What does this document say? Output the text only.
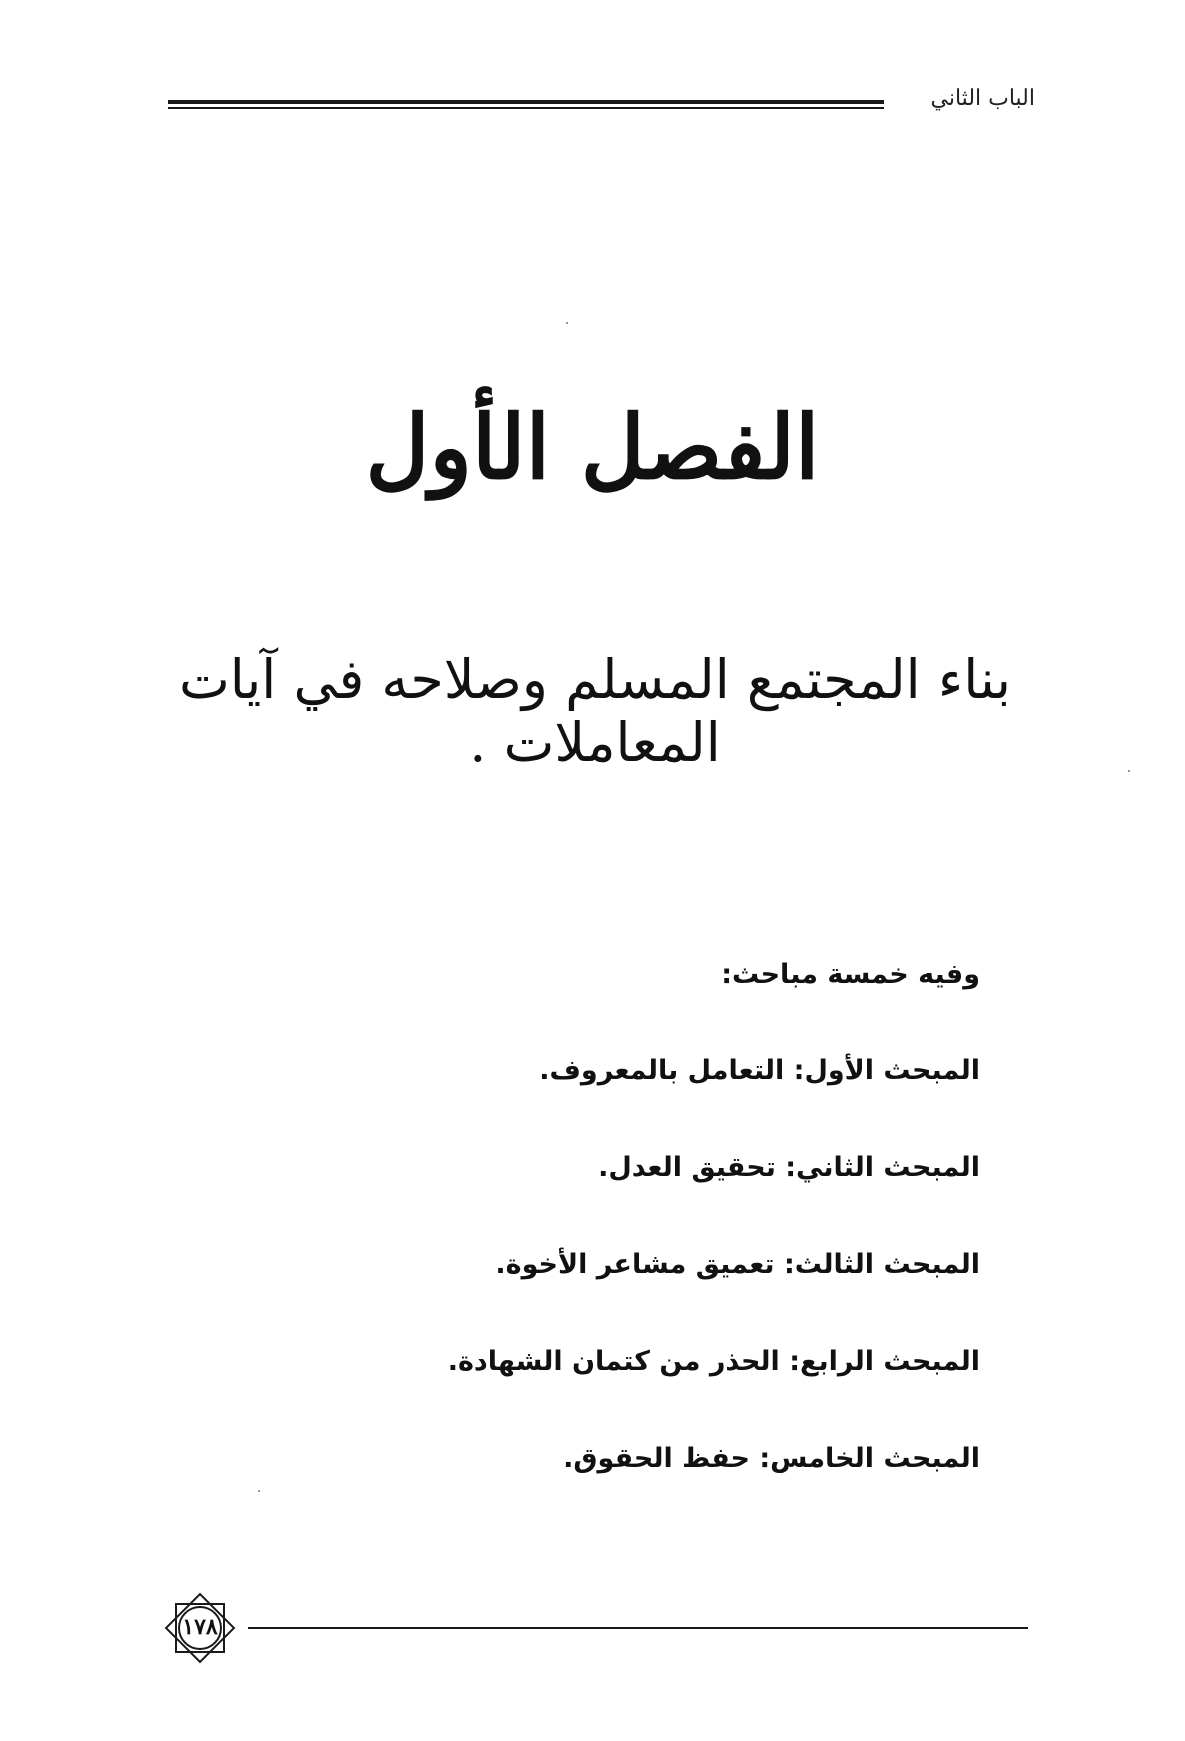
الباب الثاني
الفصل الأول
بناء المجتمع المسلم وصلاحه في آيات المعاملات .
وفيه خمسة مباحث:
المبحث الأول: التعامل بالمعروف.
المبحث الثاني: تحقيق العدل.
المبحث الثالث: تعميق مشاعر الأخوة.
المبحث الرابع: الحذر من كتمان الشهادة.
المبحث الخامس: حفظ الحقوق.
١٧٨
